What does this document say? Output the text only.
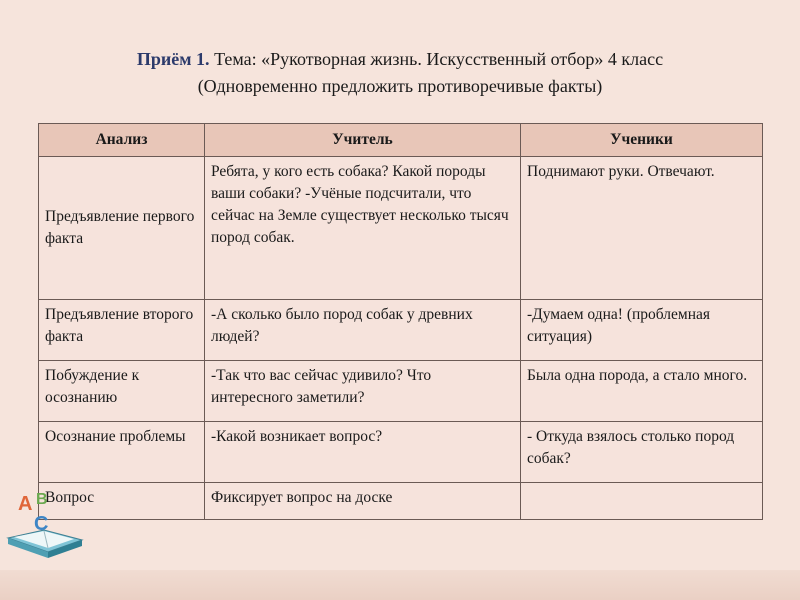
Приём 1. Тема: «Рукотворная жизнь. Искусственный отбор» 4 класс
(Одновременно предложить противоречивые факты)
Анализ	Учитель	Ученики
Предъявление первого факта	Ребята, у кого есть собака? Какой породы ваши собаки? -Учёные подсчитали, что сейчас на Земле существует несколько тысяч пород собак.	Поднимают руки. Отвечают.
Предъявление второго факта	-А сколько было пород собак у древних людей?	-Думаем одна! (проблемная ситуация)
Побуждение к осознанию	-Так что вас сейчас удивило? Что интересного заметили?	Была одна порода, а стало много.
Осознание проблемы	-Какой возникает вопрос?	- Откуда взялось столько пород собак?
Вопрос	Фиксирует вопрос на доске	
A B
C
